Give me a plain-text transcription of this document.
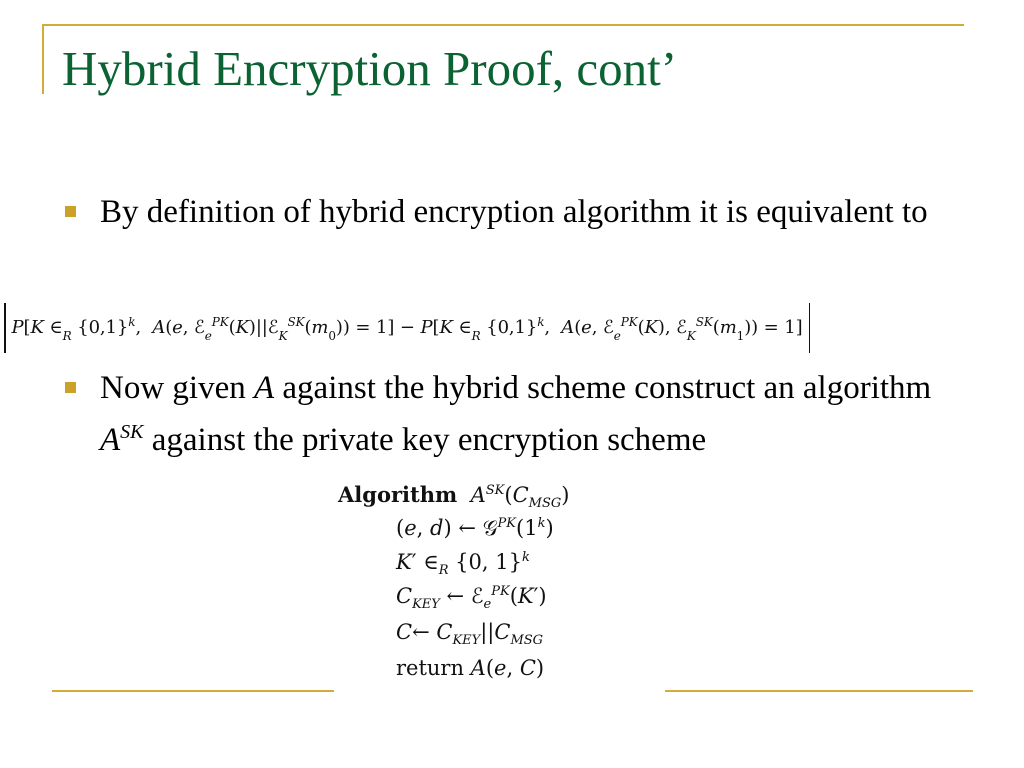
Hybrid Encryption Proof, cont’
By definition of hybrid encryption algorithm it is equivalent to
P[K $\in_R$ $\{0,1\}^k$,  A(e, $ℰ_e^{PK}(K)||ℰ_K^{SK}(m_0)) = 1] - P[K$ $\in_R$ $\{0,1\}^k$,  A(e, ℰ$_e^{PK}$(K), $ℰ_K^{SK}(m_1)) = 1$]
Now given A against the hybrid scheme construct an algorithm $A^{SK}$ against the private key encryption scheme
Algorithm $A^{SK}(C_{MSG})$
(e, d) ← 𝒢$^{PK}$(1$^k$)
K′ $\in_R$ {0, 1}$^k$
$C_{KEY}$ ← ℰ$_e^{PK}$(K′)
C← $C_{KEY}||C_{MSG}$
return A(e, C)
